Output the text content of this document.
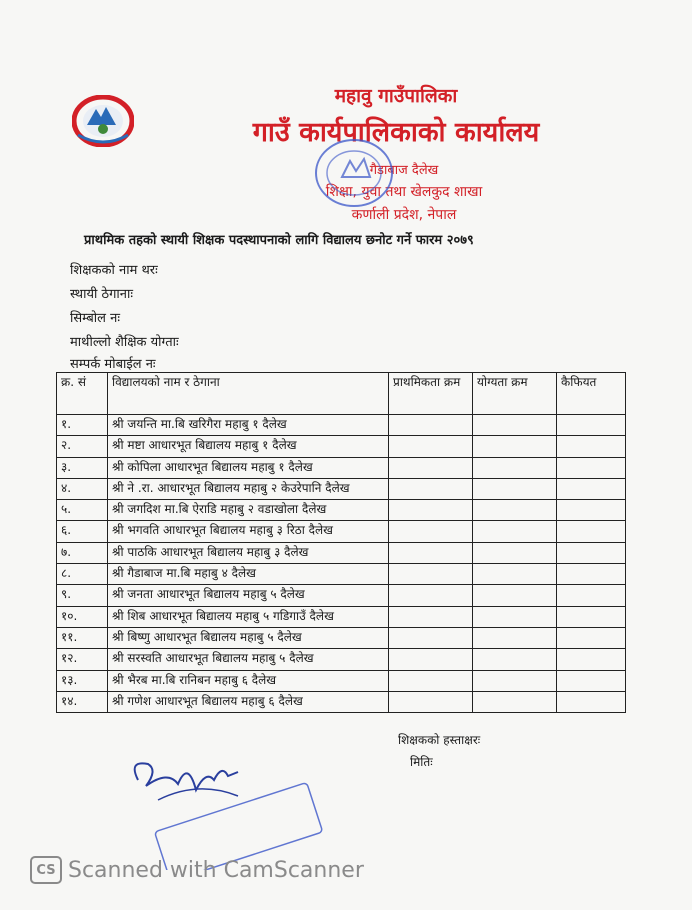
महावु गाउँपालिका
गाउँ कार्यपालिकाको कार्यालय
गैडाबाज दैलेख
शिक्षा, युवा तथा खेलकुद शाखा
कर्णाली प्रदेश, नेपाल
प्राथमिक तहको स्थायी शिक्षक पदस्थापनाको लागि विद्यालय छनोट गर्ने फारम २०७९
शिक्षकको नाम थरः
स्थायी ठेगानाः
सिम्बोल नः
माथील्लो शैक्षिक योग्ताः
सम्पर्क मोबाईल नः
क्र. सं	विद्यालयको नाम र ठेगाना	प्राथमिकता क्रम	योग्यता क्रम	कैफियत
१.	श्री जयन्ति मा.बि खरिगैरा महाबु १ दैलेख			
२.	श्री मष्टा आधारभूत बिद्यालय महाबु १ दैलेख			
३.	श्री कोपिला आधारभूत बिद्यालय महाबु १ दैलेख			
४.	श्री ने .रा. आधारभूत बिद्यालय महाबु २ केउरेपानि दैलेख			
५.	श्री जगदिश मा.बि ऐराडि महाबु २ वडाखोला दैलेख			
६.	श्री भगवति आधारभूत बिद्यालय महाबु ३ रिठा दैलेख			
७.	श्री पाठकि आधारभूत बिद्यालय महाबु ३ दैलेख			
८.	श्री गैडाबाज मा.बि महाबु ४ दैलेख			
९.	श्री जनता आधारभूत बिद्यालय महाबु ५ दैलेख			
१०.	श्री शिब आधारभूत बिद्यालय महाबु ५ गडिगाउँ दैलेख			
११.	श्री बिष्णु आधारभूत बिद्यालय महाबु ५ दैलेख			
१२.	श्री सरस्वति आधारभूत बिद्यालय महाबु ५ दैलेख			
१३.	श्री भैरब मा.बि रानिबन महाबु ६ दैलेख			
१४.	श्री गणेश आधारभूत बिद्यालय महाबु ६ दैलेख			
शिक्षकको हस्ताक्षरः
मितिः
CS Scanned with CamScanner
